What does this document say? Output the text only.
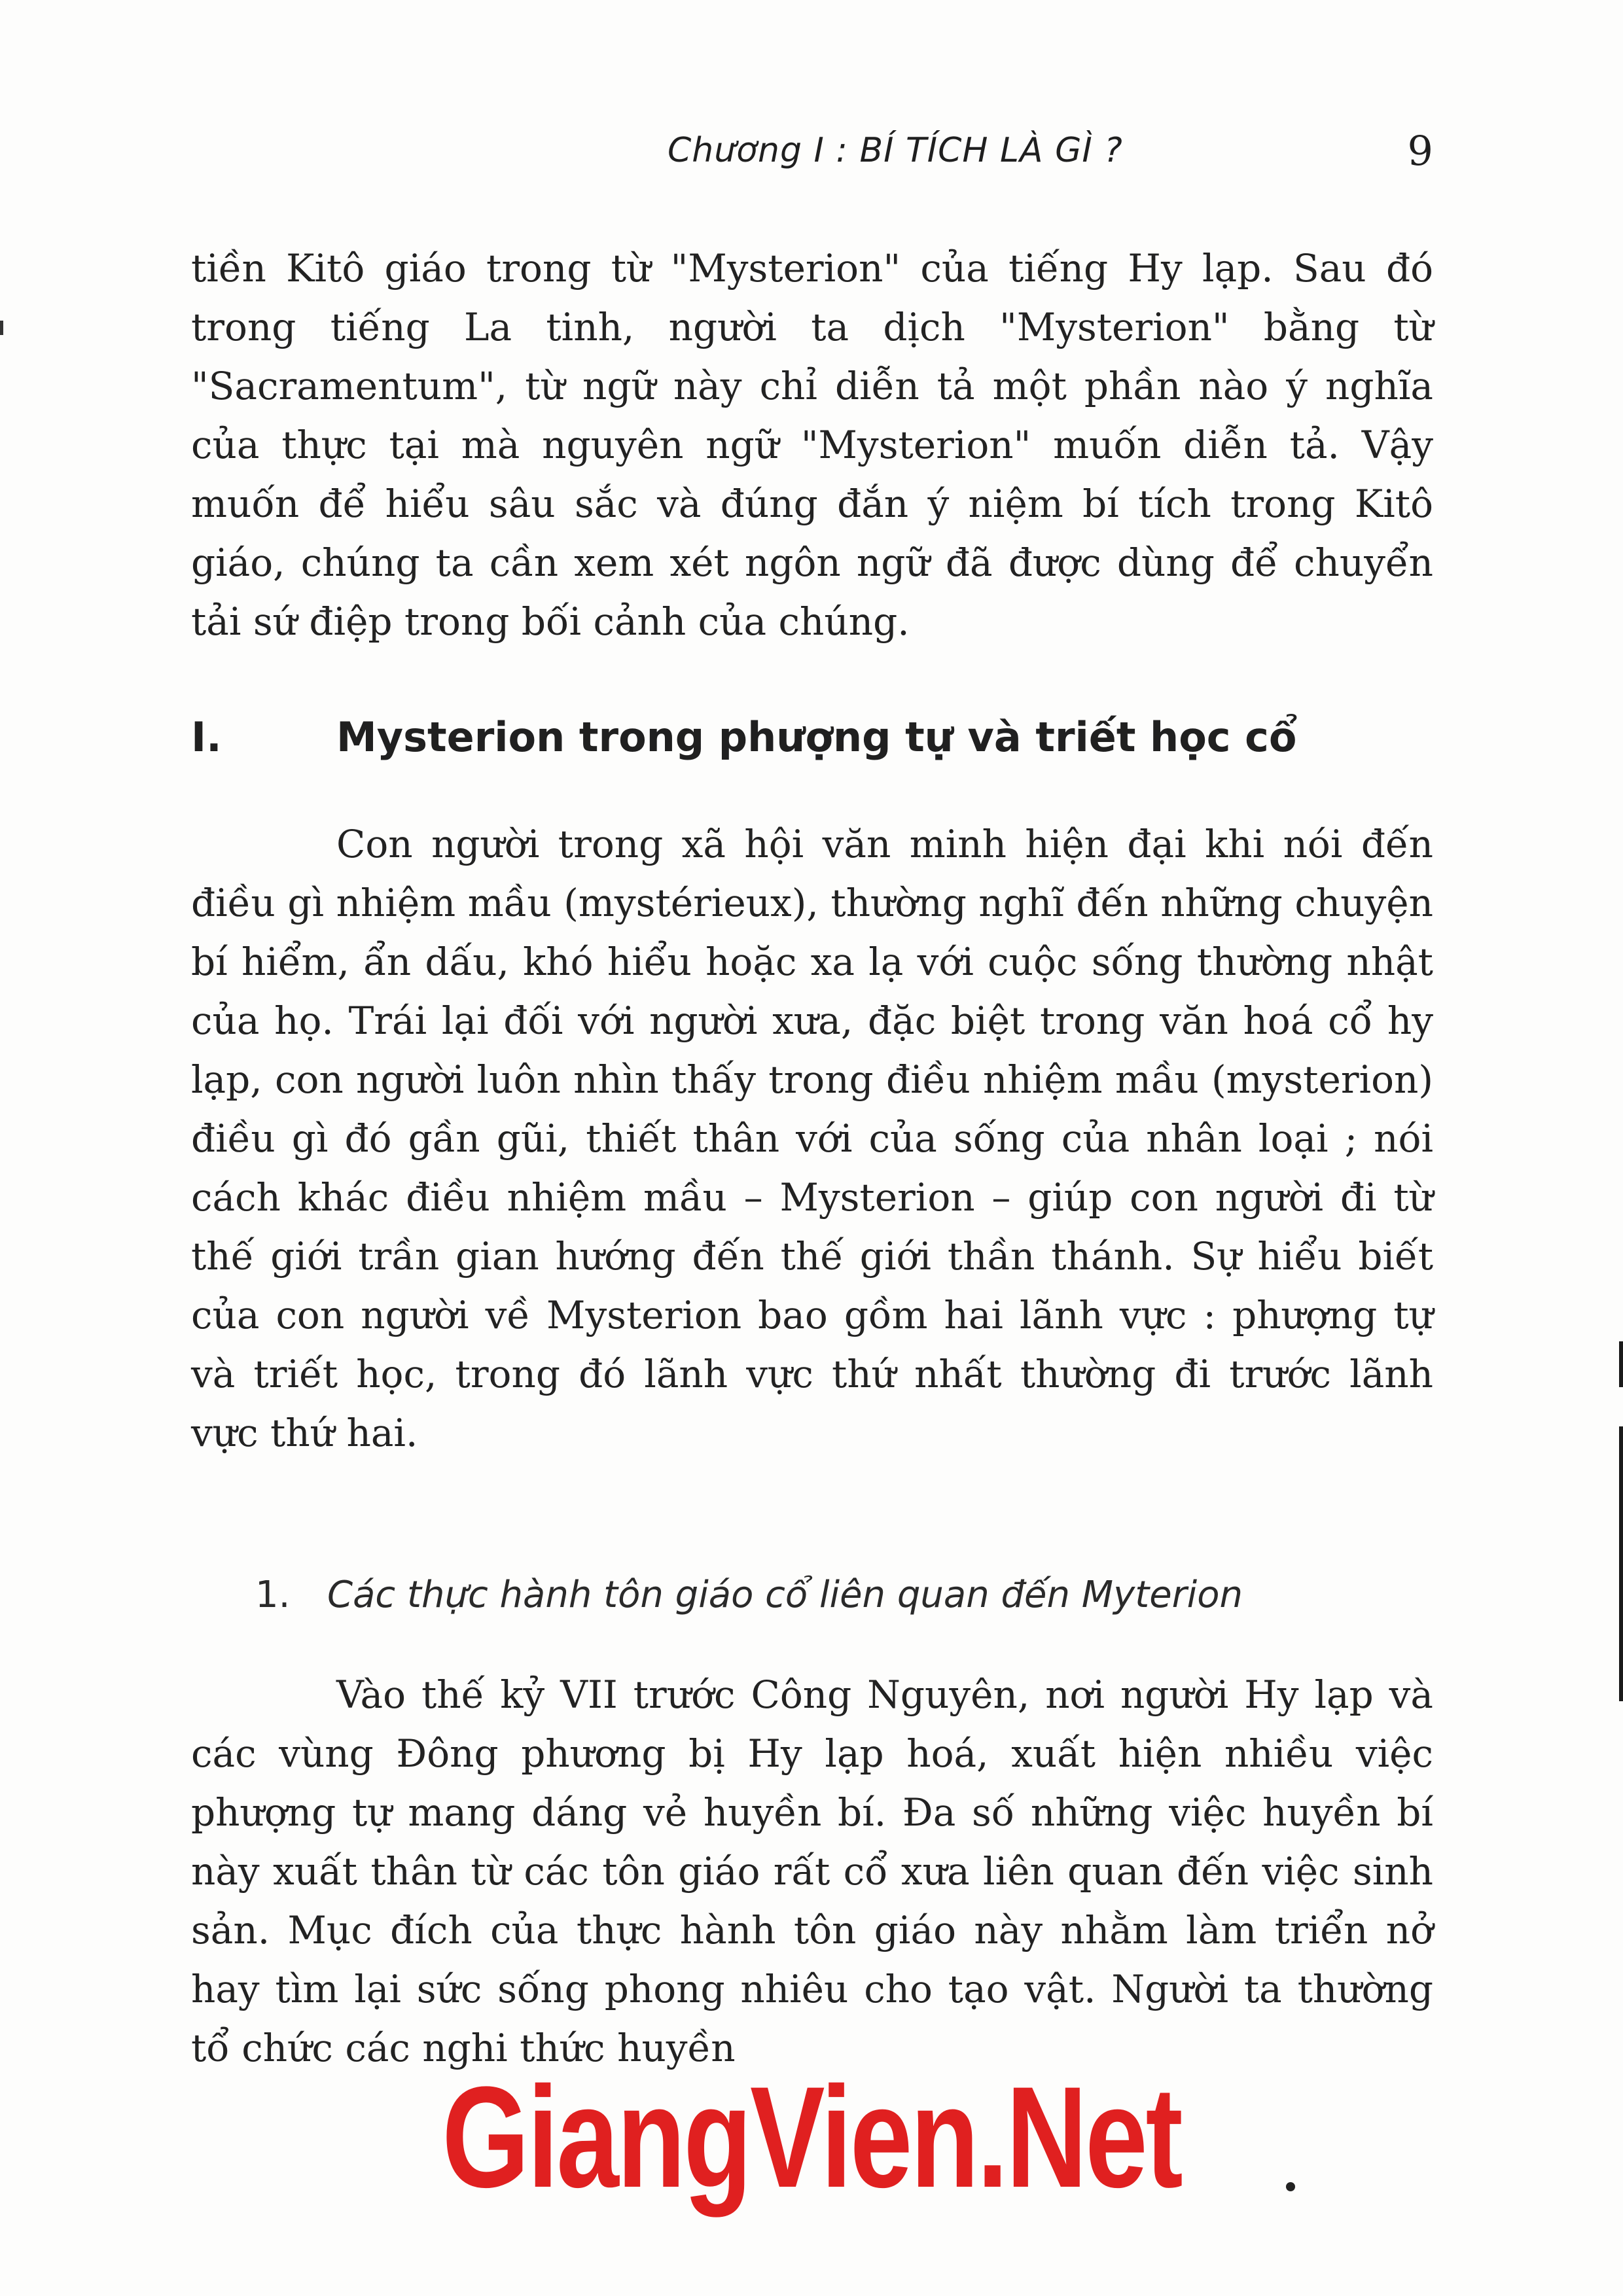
Chương I : BÍ TÍCH LÀ GÌ ?	9

tiền Kitô giáo trong từ "Mysterion" của tiếng Hy lạp. Sau đó trong tiếng La tinh, người ta dịch "Mysterion" bằng từ "Sacramentum", từ ngữ này chỉ diễn tả một phần nào ý nghĩa của thực tại mà nguyên ngữ "Mysterion" muốn diễn tả. Vậy muốn để hiểu sâu sắc và đúng đắn ý niệm bí tích trong Kitô giáo, chúng ta cần xem xét ngôn ngữ đã được dùng để chuyển tải sứ điệp trong bối cảnh của chúng.

I.	Mysterion trong phượng tự và triết học cổ

Con người trong xã hội văn minh hiện đại khi nói đến điều gì nhiệm mầu (mystérieux), thường nghĩ đến những chuyện bí hiểm, ẩn dấu, khó hiểu hoặc xa lạ với cuộc sống thường nhật của họ. Trái lại đối với người xưa, đặc biệt trong văn hoá cổ hy lạp, con người luôn nhìn thấy trong điều nhiệm mầu (mysterion) điều gì đó gần gũi, thiết thân với của sống của nhân loại ; nói cách khác điều nhiệm mầu – Mysterion – giúp con người đi từ thế giới trần gian hướng đến thế giới thần thánh. Sự hiểu biết của con người về Mysterion bao gồm hai lãnh vực : phượng tự và triết học, trong đó lãnh vực thứ nhất thường đi trước lãnh vực thứ hai.

1. Các thực hành tôn giáo cổ liên quan đến Myterion

Vào thế kỷ VII trước Công Nguyên, nơi người Hy lạp và các vùng Đông phương bị Hy lạp hoá, xuất hiện nhiều việc phượng tự mang dáng vẻ huyền bí. Đa số những việc huyền bí này xuất thân từ các tôn giáo rất cổ xưa liên quan đến việc sinh sản. Mục đích của thực hành tôn giáo này nhằm làm triển nở hay tìm lại sức sống phong nhiêu cho tạo vật. Người ta thường tổ chức các nghi thức huyền

GiangVien.Net
